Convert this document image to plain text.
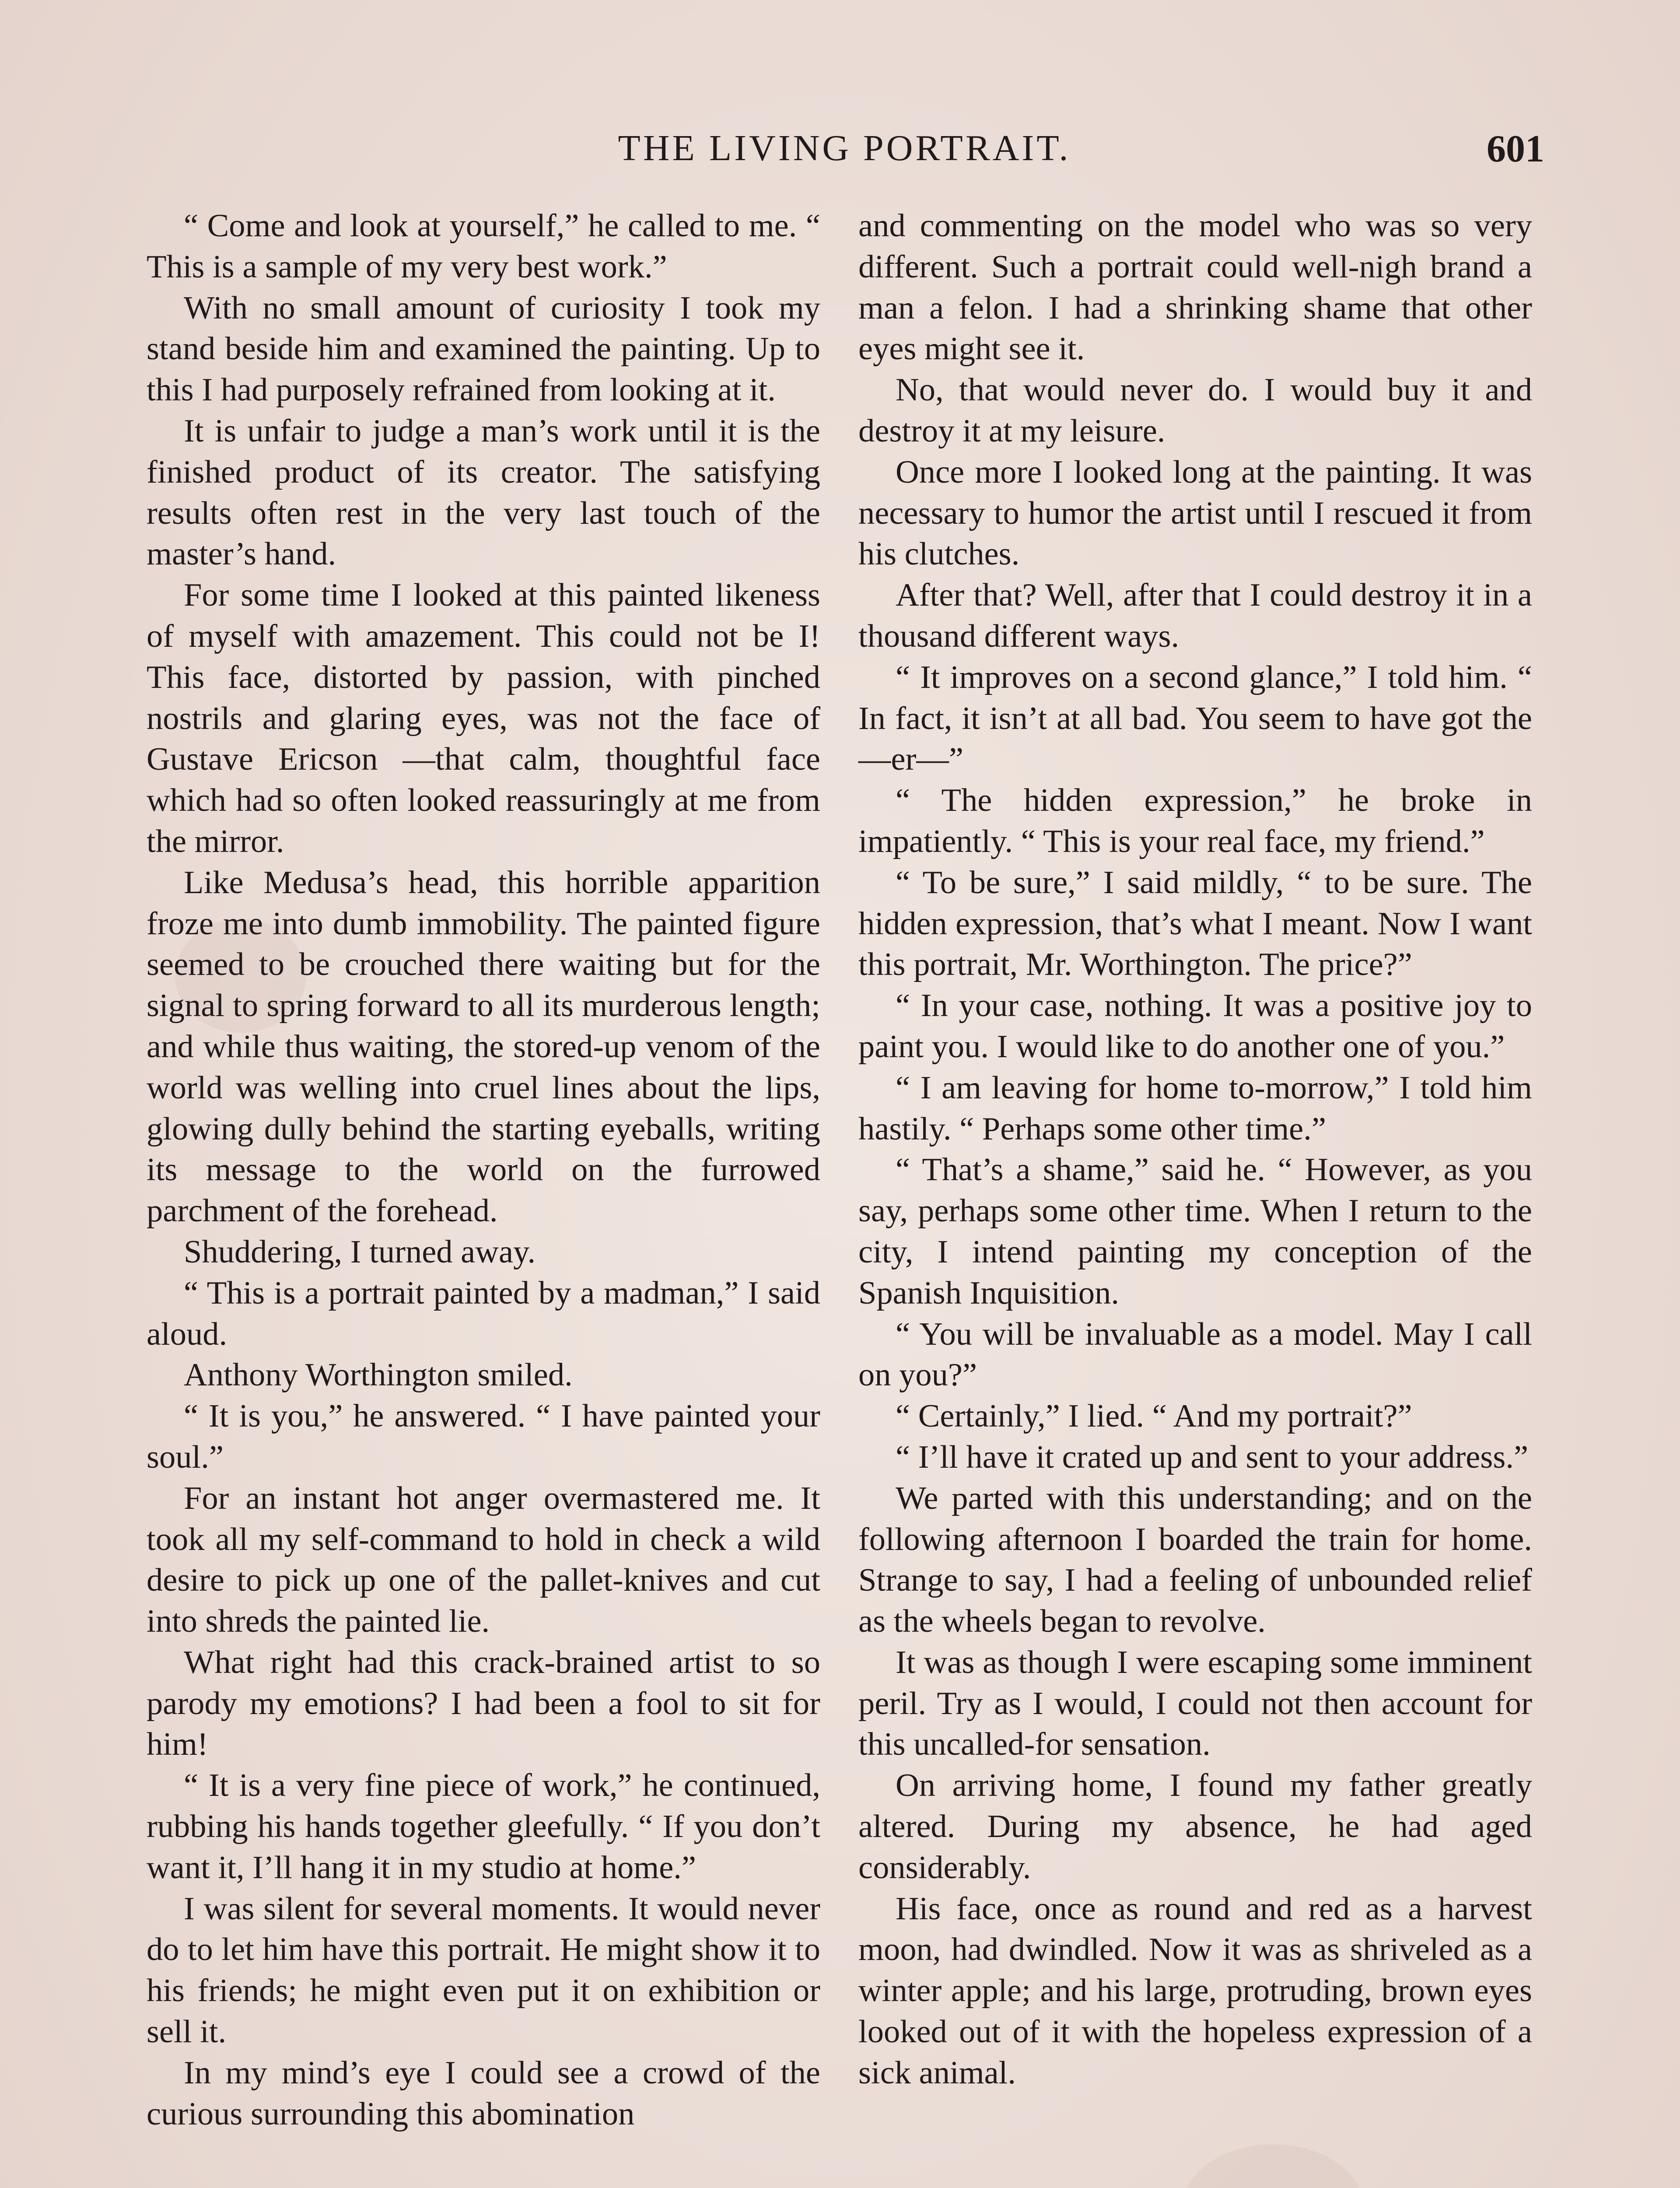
THE LIVING PORTRAIT.	601

“ Come and look at yourself,” he called to me. “ This is a sample of my very best work.”

With no small amount of curiosity I took my stand beside him and examined the painting. Up to this I had purposely refrained from looking at it.

It is unfair to judge a man’s work until it is the finished product of its creator. The satisfying results often rest in the very last touch of the master’s hand.

For some time I looked at this painted likeness of myself with amazement. This could not be I! This face, distorted by passion, with pinched nostrils and glaring eyes, was not the face of Gustave Ericson —that calm, thoughtful face which had so often looked reassuringly at me from the mirror.

Like Medusa’s head, this horrible apparition froze me into dumb immobility. The painted figure seemed to be crouched there waiting but for the signal to spring forward to all its murderous length; and while thus waiting, the stored-up venom of the world was welling into cruel lines about the lips, glowing dully behind the starting eyeballs, writing its message to the world on the furrowed parchment of the forehead.

Shuddering, I turned away.

“ This is a portrait painted by a madman,” I said aloud.

Anthony Worthington smiled.

“ It is you,” he answered. “ I have painted your soul.”

For an instant hot anger overmastered me. It took all my self-command to hold in check a wild desire to pick up one of the pallet-knives and cut into shreds the painted lie.

What right had this crack-brained artist to so parody my emotions? I had been a fool to sit for him!

“ It is a very fine piece of work,” he continued, rubbing his hands together gleefully. “ If you don’t want it, I’ll hang it in my studio at home.”

I was silent for several moments. It would never do to let him have this portrait. He might show it to his friends; he might even put it on exhibition or sell it.

In my mind’s eye I could see a crowd of the curious surrounding this abomination

and commenting on the model who was so very different. Such a portrait could well-nigh brand a man a felon. I had a shrinking shame that other eyes might see it.

No, that would never do. I would buy it and destroy it at my leisure.

Once more I looked long at the painting. It was necessary to humor the artist until I rescued it from his clutches.

After that? Well, after that I could destroy it in a thousand different ways.

“ It improves on a second glance,” I told him. “ In fact, it isn’t at all bad. You seem to have got the—er—”

“ The hidden expression,” he broke in impatiently. “ This is your real face, my friend.”

“ To be sure,” I said mildly, “ to be sure. The hidden expression, that’s what I meant. Now I want this portrait, Mr. Worthington. The price?”

“ In your case, nothing. It was a positive joy to paint you. I would like to do another one of you.”

“ I am leaving for home to-morrow,” I told him hastily. “ Perhaps some other time.”

“ That’s a shame,” said he. “ However, as you say, perhaps some other time. When I return to the city, I intend painting my conception of the Spanish Inquisition.

“ You will be invaluable as a model. May I call on you?”

“ Certainly,” I lied. “ And my portrait?”

“ I’ll have it crated up and sent to your address.”

We parted with this understanding; and on the following afternoon I boarded the train for home. Strange to say, I had a feeling of unbounded relief as the wheels began to revolve.

It was as though I were escaping some imminent peril. Try as I would, I could not then account for this uncalled-for sensation.

On arriving home, I found my father greatly altered. During my absence, he had aged considerably.

His face, once as round and red as a harvest moon, had dwindled. Now it was as shriveled as a winter apple; and his large, protruding, brown eyes looked out of it with the hopeless expression of a sick animal.
